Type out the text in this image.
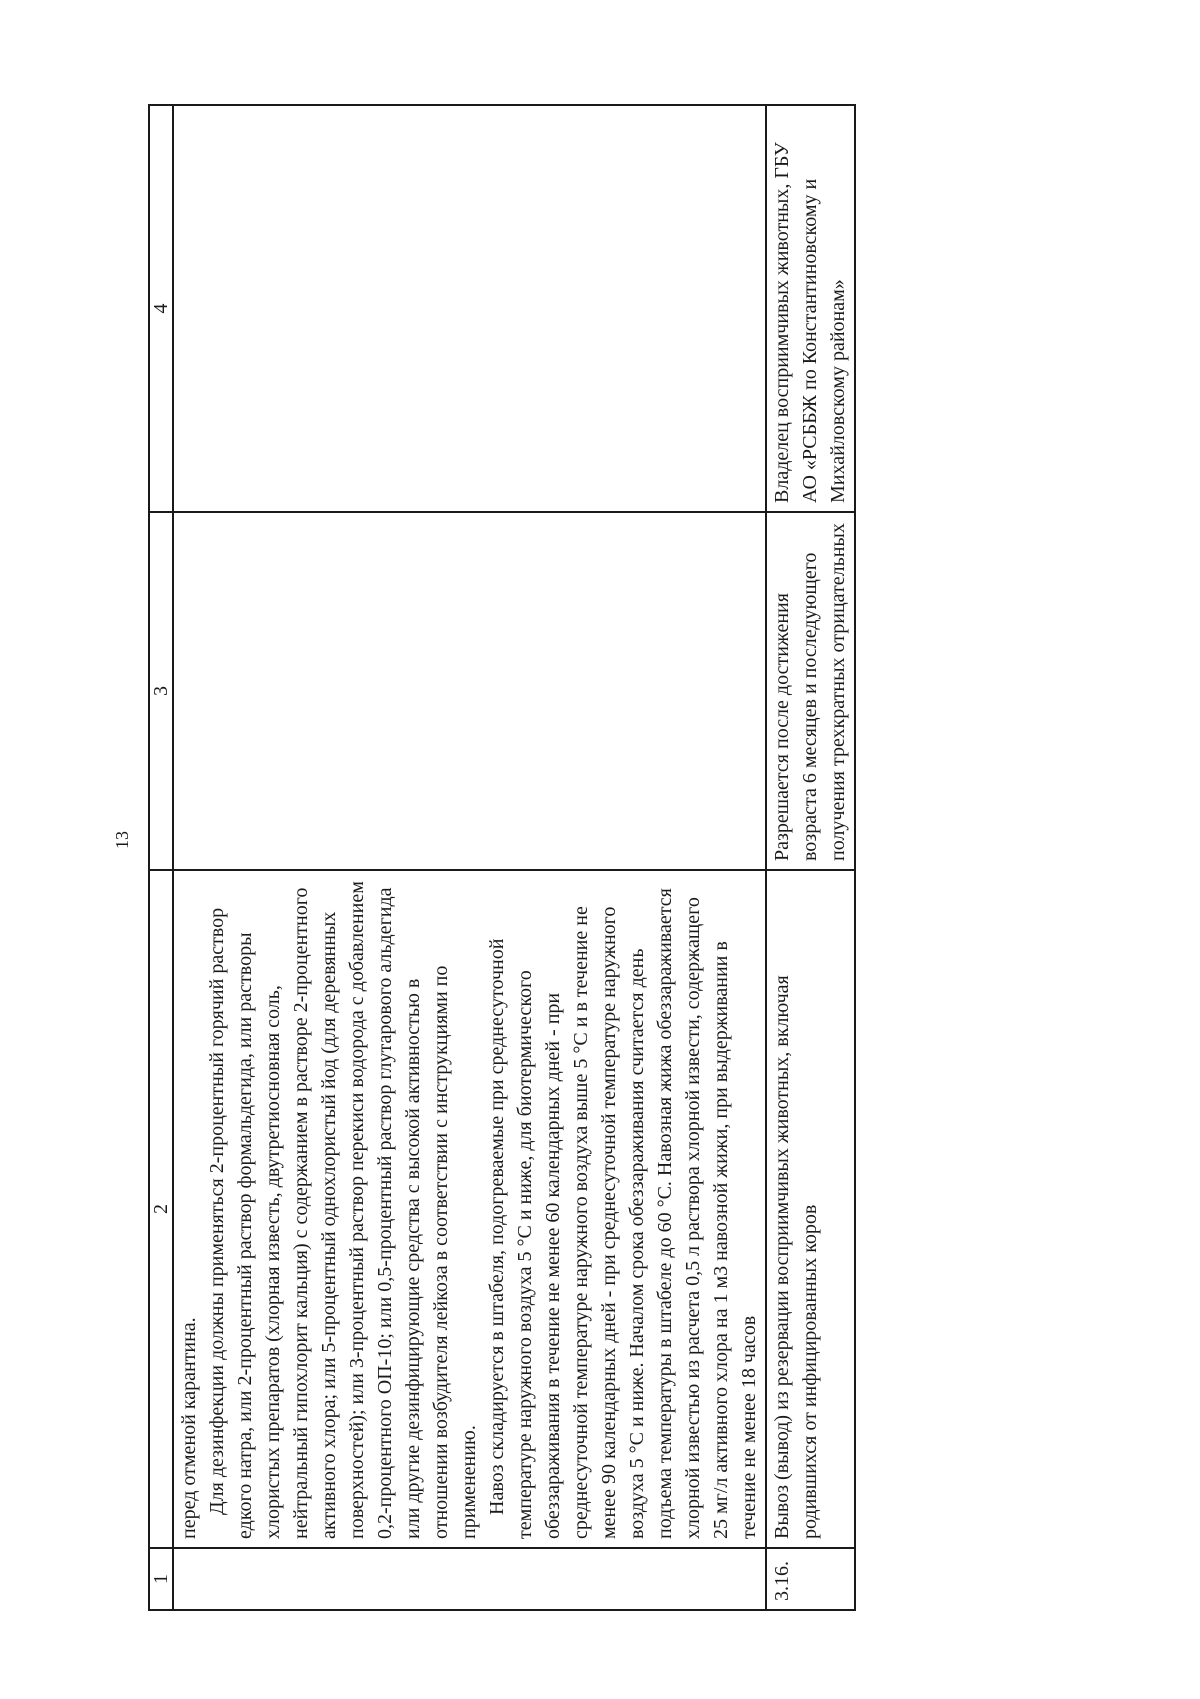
13
1	2	3	4

	перед отменой карантина. Для дезинфекции должны применяться 2-процентный горячий раствор едкого натра, или 2-процентный раствор формальдегида, или растворы хлористых препаратов (хлорная известь, двутретиосновная соль, нейтральный гипохлорит кальция) с содержанием в растворе 2-процентного активного хлора; или 5-процентный однохлористый йод (для деревянных поверхностей); или 3-процентный раствор перекиси водорода с добавлением 0,2-процентного ОП-10; или 0,5-процентный раствор глутарового альдегида или другие дезинфицирующие средства с высокой активностью в отношении возбудителя лейкоза в соответствии с инструкциями по применению. Навоз складируется в штабеля, подогреваемые при среднесуточной температуре наружного воздуха 5 °С и ниже, для биотермического обеззараживания в течение не менее 60 календарных дней - при среднесуточной температуре наружного воздуха выше 5 °С и в течение не менее 90 календарных дней - при среднесуточной температуре наружного воздуха 5 °С и ниже. Началом срока обеззараживания считается день подъема температуры в штабеле до 60 °С. Навозная жижа обеззараживается хлорной известью из расчета 0,5 л раствора хлорной извести, содержащего 25 мг/л активного хлора на 1 м3 навозной жижи, при выдерживании в течение не менее 18 часов		

3.16.	Вывоз (вывод) из резервации восприимчивых животных, включая родившихся от инфицированных коров	Разрешается после достижения возраста 6 месяцев и последующего получения трехкратных отрицательных	Владелец восприимчивых животных, ГБУ АО «РСББЖ по Константиновскому и Михайловскому районам»
